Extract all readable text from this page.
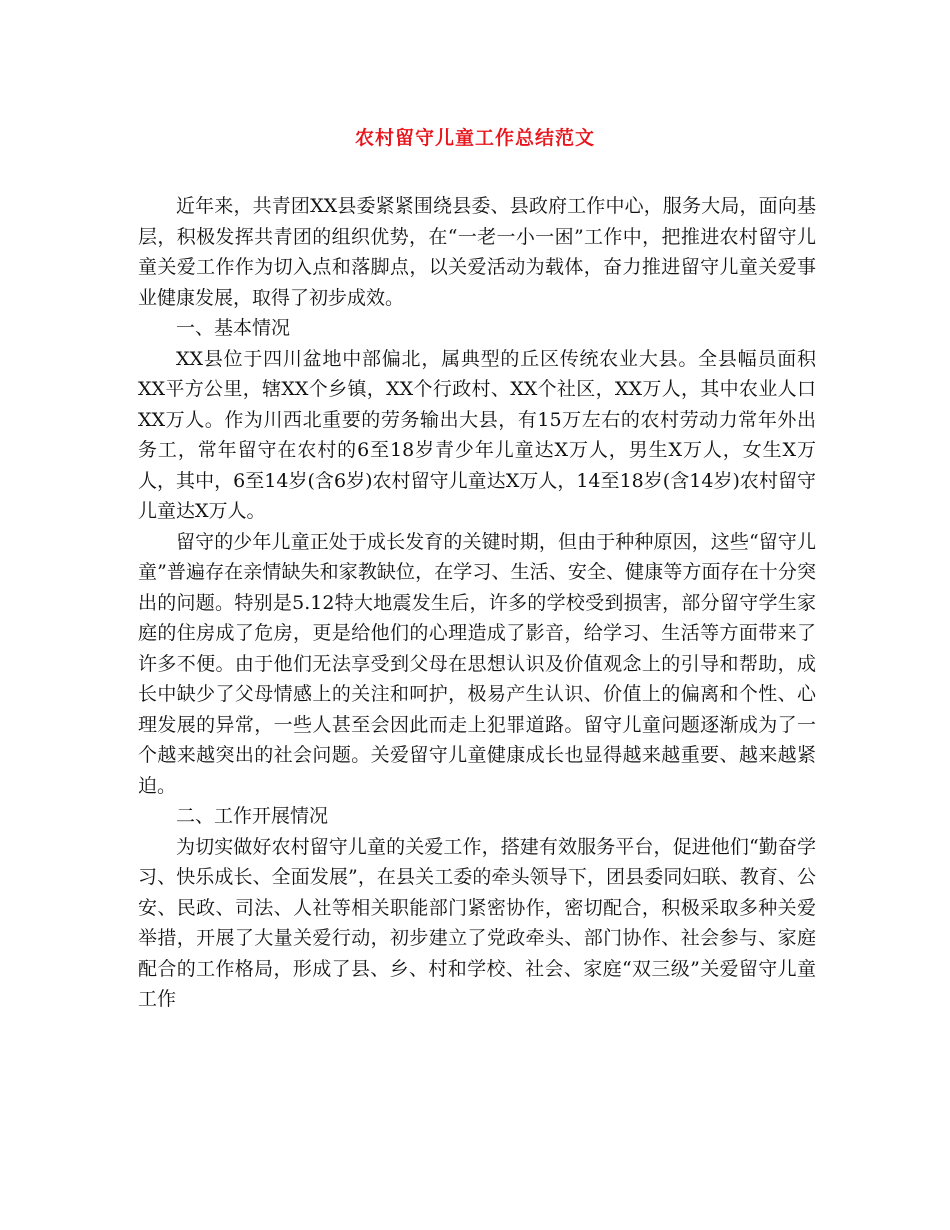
农村留守儿童工作总结范文

近年来，共青团XX县委紧紧围绕县委、县政府工作中心，服务大局，面向基层，积极发挥共青团的组织优势，在“一老一小一困”工作中，把推进农村留守儿童关爱工作作为切入点和落脚点，以关爱活动为载体，奋力推进留守儿童关爱事业健康发展，取得了初步成效。

一、基本情况

XX县位于四川盆地中部偏北，属典型的丘区传统农业大县。全县幅员面积XX平方公里，辖XX个乡镇，XX个行政村、XX个社区，XX万人，其中农业人口XX万人。作为川西北重要的劳务输出大县，有15万左右的农村劳动力常年外出务工，常年留守在农村的6至18岁青少年儿童达X万人，男生X万人，女生X万人，其中，6至14岁(含6岁)农村留守儿童达X万人，14至18岁(含14岁)农村留守儿童达X万人。

留守的少年儿童正处于成长发育的关键时期，但由于种种原因，这些“留守儿童”普遍存在亲情缺失和家教缺位，在学习、生活、安全、健康等方面存在十分突出的问题。特别是5.12特大地震发生后，许多的学校受到损害，部分留守学生家庭的住房成了危房，更是给他们的心理造成了影音，给学习、生活等方面带来了许多不便。由于他们无法享受到父母在思想认识及价值观念上的引导和帮助，成长中缺少了父母情感上的关注和呵护，极易产生认识、价值上的偏离和个性、心理发展的异常，一些人甚至会因此而走上犯罪道路。留守儿童问题逐渐成为了一个越来越突出的社会问题。关爱留守儿童健康成长也显得越来越重要、越来越紧迫。

二、工作开展情况

为切实做好农村留守儿童的关爱工作，搭建有效服务平台，促进他们“勤奋学习、快乐成长、全面发展”，在县关工委的牵头领导下，团县委同妇联、教育、公安、民政、司法、人社等相关职能部门紧密协作，密切配合，积极采取多种关爱举措，开展了大量关爱行动，初步建立了党政牵头、部门协作、社会参与、家庭配合的工作格局，形成了县、乡、村和学校、社会、家庭“双三级”关爱留守儿童工作
